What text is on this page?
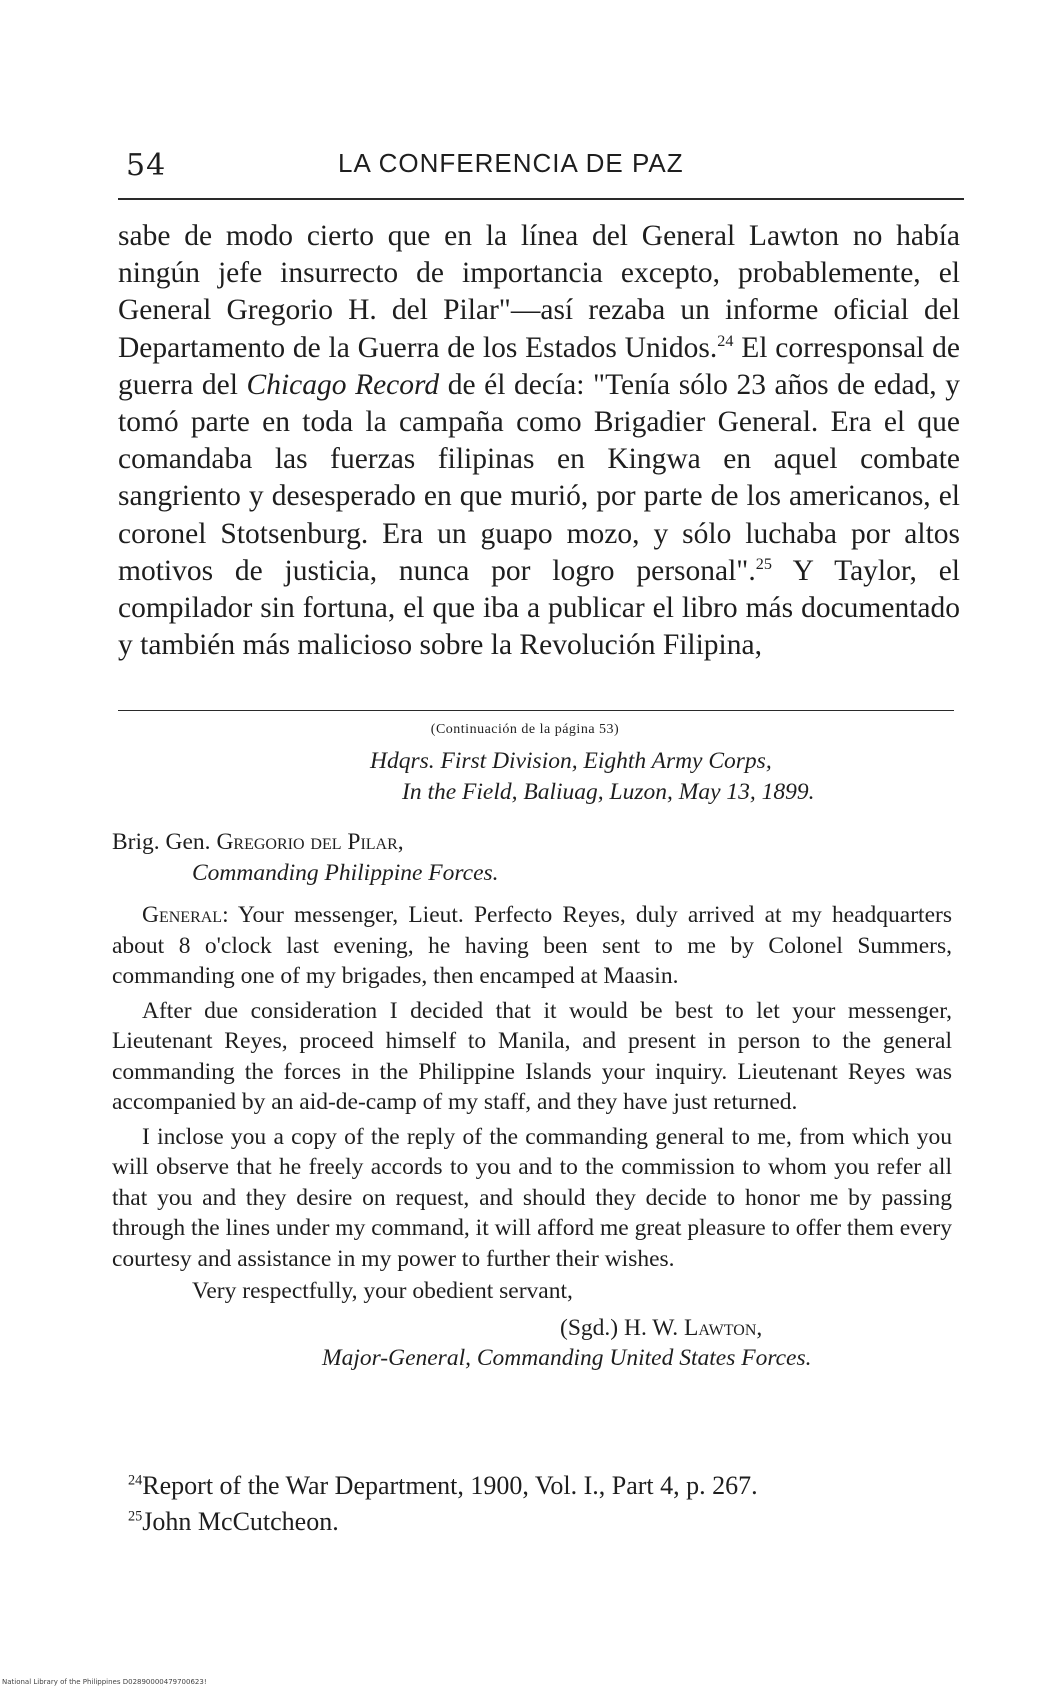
54	LA CONFERENCIA DE PAZ

sabe de modo cierto que en la línea del General Lawton no había ningún jefe insurrecto de importancia excepto, probablemente, el General Gregorio H. del Pilar"—así rezaba un informe oficial del Departamento de la Guerra de los Estados Unidos.$^{24}$ El corresponsal de guerra del Chicago Record de él decía: "Tenía sólo 23 años de edad, y tomó parte en toda la campaña como Brigadier General. Era el que comandaba las fuerzas filipinas en Kingwa en aquel combate sangriento y desesperado en que murió, por parte de los americanos, el coronel Stotsenburg. Era un guapo mozo, y sólo luchaba por altos motivos de justicia, nunca por logro personal".$^{25}$ Y Taylor, el compilador sin fortuna, el que iba a publicar el libro más documentado y también más malicioso sobre la Revolución Filipina,

(Continuación de la página 53)

Hdqrs. First Division, Eighth Army Corps,

In the Field, Baliuag, Luzon, May 13, 1899.

Brig. Gen. Gregorio del Pilar,

Commanding Philippine Forces.

General: Your messenger, Lieut. Perfecto Reyes, duly arrived at my headquarters about 8 o'clock last evening, he having been sent to me by Colonel Summers, commanding one of my brigades, then encamped at Maasin.

After due consideration I decided that it would be best to let your messenger, Lieutenant Reyes, proceed himself to Manila, and present in person to the general commanding the forces in the Philippine Islands your inquiry. Lieutenant Reyes was accompanied by an aid-de-camp of my staff, and they have just returned.

I inclose you a copy of the reply of the commanding general to me, from which you will observe that he freely accords to you and to the commission to whom you refer all that you and they desire on request, and should they decide to honor me by passing through the lines under my command, it will afford me great pleasure to offer them every courtesy and assistance in my power to further their wishes.

Very respectfully, your obedient servant,

(Sgd.) H. W. Lawton,

Major-General, Commanding United States Forces.

$^{24}$Report of the War Department, 1900, Vol. I., Part 4, p. 267.

$^{25}$John McCutcheon.

National Library of the Philippines D02890000479700623!
